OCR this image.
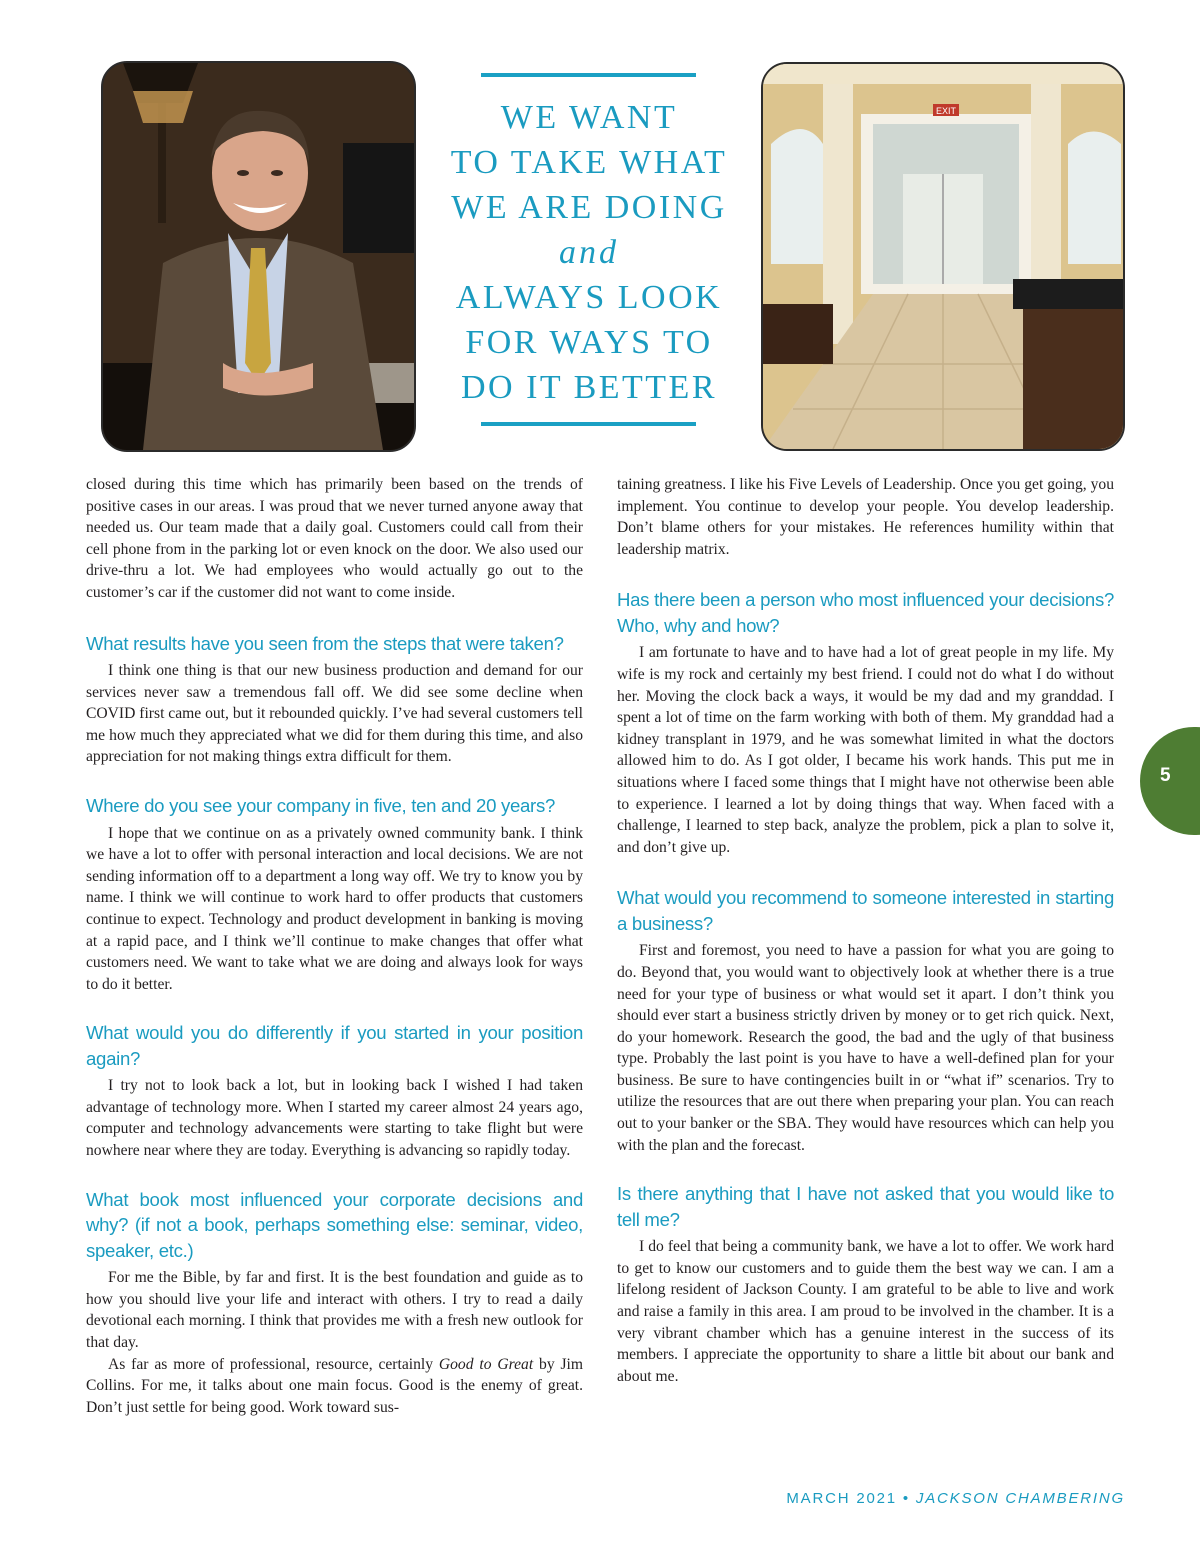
WE WANT
TO TAKE WHAT
WE ARE DOING
and
ALWAYS LOOK
FOR WAYS TO
DO IT BETTER
EXIT

closed during this time which has primarily been based on the trends of positive cases in our areas. I was proud that we never turned anyone away that needed us. Our team made that a daily goal. Customers could call from their cell phone from in the parking lot or even knock on the door. We also used our drive-thru a lot. We had employees who would actually go out to the customer’s car if the customer did not want to come inside.

What results have you seen from the steps that were taken?

I think one thing is that our new business production and demand for our services never saw a tremendous fall off. We did see some decline when COVID first came out, but it rebounded quickly. I’ve had several customers tell me how much they appreciated what we did for them during this time, and also appreciation for not making things extra difficult for them.

Where do you see your company in five, ten and 20 years?

I hope that we continue on as a privately owned community bank. I think we have a lot to offer with personal interaction and local decisions. We are not sending information off to a department a long way off. We try to know you by name. I think we will continue to work hard to offer products that customers continue to expect. Technology and product development in banking is moving at a rapid pace, and I think we’ll continue to make changes that offer what customers need. We want to take what we are doing and always look for ways to do it better.

What would you do differently if you started in your position again?

I try not to look back a lot, but in looking back I wished I had taken advantage of technology more. When I started my career almost 24 years ago, computer and technology advancements were starting to take flight but were nowhere near where they are today. Everything is advancing so rapidly today.

What book most influenced your corporate decisions and why? (if not a book, perhaps something else: seminar, video, speaker, etc.)

For me the Bible, by far and first. It is the best foundation and guide as to how you should live your life and interact with others. I try to read a daily devotional each morning. I think that provides me with a fresh new outlook for that day.

As far as more of professional, resource, certainly Good to Great by Jim Collins. For me, it talks about one main focus. Good is the enemy of great. Don’t just settle for being good. Work toward sus-

taining greatness. I like his Five Levels of Leadership. Once you get going, you implement. You continue to develop your people. You develop leadership. Don’t blame others for your mistakes. He references humility within that leadership matrix.

Has there been a person who most influenced your decisions? Who, why and how?

I am fortunate to have and to have had a lot of great people in my life. My wife is my rock and certainly my best friend. I could not do what I do without her. Moving the clock back a ways, it would be my dad and my granddad. I spent a lot of time on the farm working with both of them. My granddad had a kidney transplant in 1979, and he was somewhat limited in what the doctors allowed him to do. As I got older, I became his work hands. This put me in situations where I faced some things that I might have not otherwise been able to experience. I learned a lot by doing things that way. When faced with a challenge, I learned to step back, analyze the problem, pick a plan to solve it, and don’t give up.

What would you recommend to someone interested in starting a business?

First and foremost, you need to have a passion for what you are going to do. Beyond that, you would want to objectively look at whether there is a true need for your type of business or what would set it apart. I don’t think you should ever start a business strictly driven by money or to get rich quick. Next, do your homework. Research the good, the bad and the ugly of that business type. Probably the last point is you have to have a well-defined plan for your business. Be sure to have contingencies built in or “what if” scenarios. Try to utilize the resources that are out there when preparing your plan. You can reach out to your banker or the SBA. They would have resources which can help you with the plan and the forecast.

Is there anything that I have not asked that you would like to tell me?

I do feel that being a community bank, we have a lot to offer. We work hard to get to know our customers and to guide them the best way we can. I am a lifelong resident of Jackson County. I am grateful to be able to live and work and raise a family in this area. I am proud to be involved in the chamber. It is a very vibrant chamber which has a genuine interest in the success of its members. I appreciate the opportunity to share a little bit about our bank and about me.

5
MARCH 2021 • JACKSON CHAMBERING
